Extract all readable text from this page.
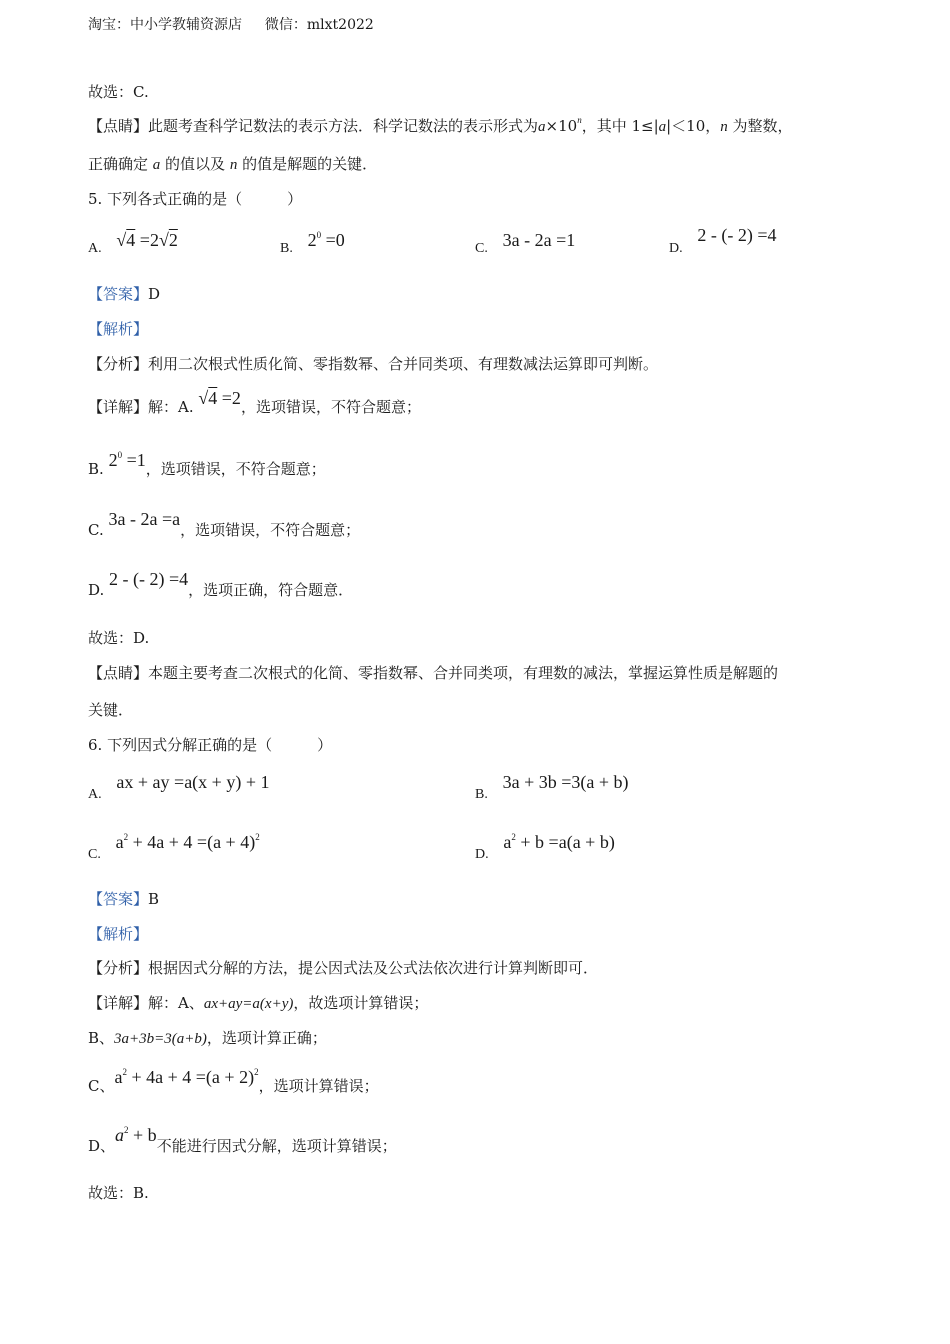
淘宝：中小学教辅资源店 微信：mlxt2022
故选：C.
【点睛】此题考查科学记数法的表示方法．科学记数法的表示形式为$a\times 10^n$，其中 1≤|a|＜10，n 为整数，
正确确定 a 的值以及 n 的值是解题的关键．
5. 下列各式正确的是（　　　）
A. √4 =2√2	B. $2^0 =0$	C. 3a - 2a =1	D. 2 - (- 2) =4
【答案】D
【解析】
【分析】利用二次根式性质化简、零指数幂、合并同类项、有理数减法运算即可判断。
【详解】解：A. √4 =2，选项错误，不符合题意；
B. $2^0 =1$，选项错误，不符合题意；
C. 3a - 2a =a，选项错误，不符合题意；
D. 2 - (- 2) =4，选项正确，符合题意．
故选：D.
【点睛】本题主要考查二次根式的化简、零指数幂、合并同类项，有理数的减法，掌握运算性质是解题的
关键．
6. 下列因式分解正确的是（　　　）
A. ax + ay =a(x + y) + 1
B. 3a + 3b =3(a + b)
C. $a^2 + 4a + 4 =(a + 4)^2$
D. $a^2 + b =a(a + b)$
【答案】B
【解析】
【分析】根据因式分解的方法，提公因式法及公式法依次进行计算判断即可．
【详解】解：A、ax+ay=a(x+y)，故选项计算错误；
B、3a+3b=3(a+b)，选项计算正确；
C、$a^2 + 4a + 4 =(a + 2)^2$，选项计算错误；
D、$a^2 + b$不能进行因式分解，选项计算错误；
故选：B.
